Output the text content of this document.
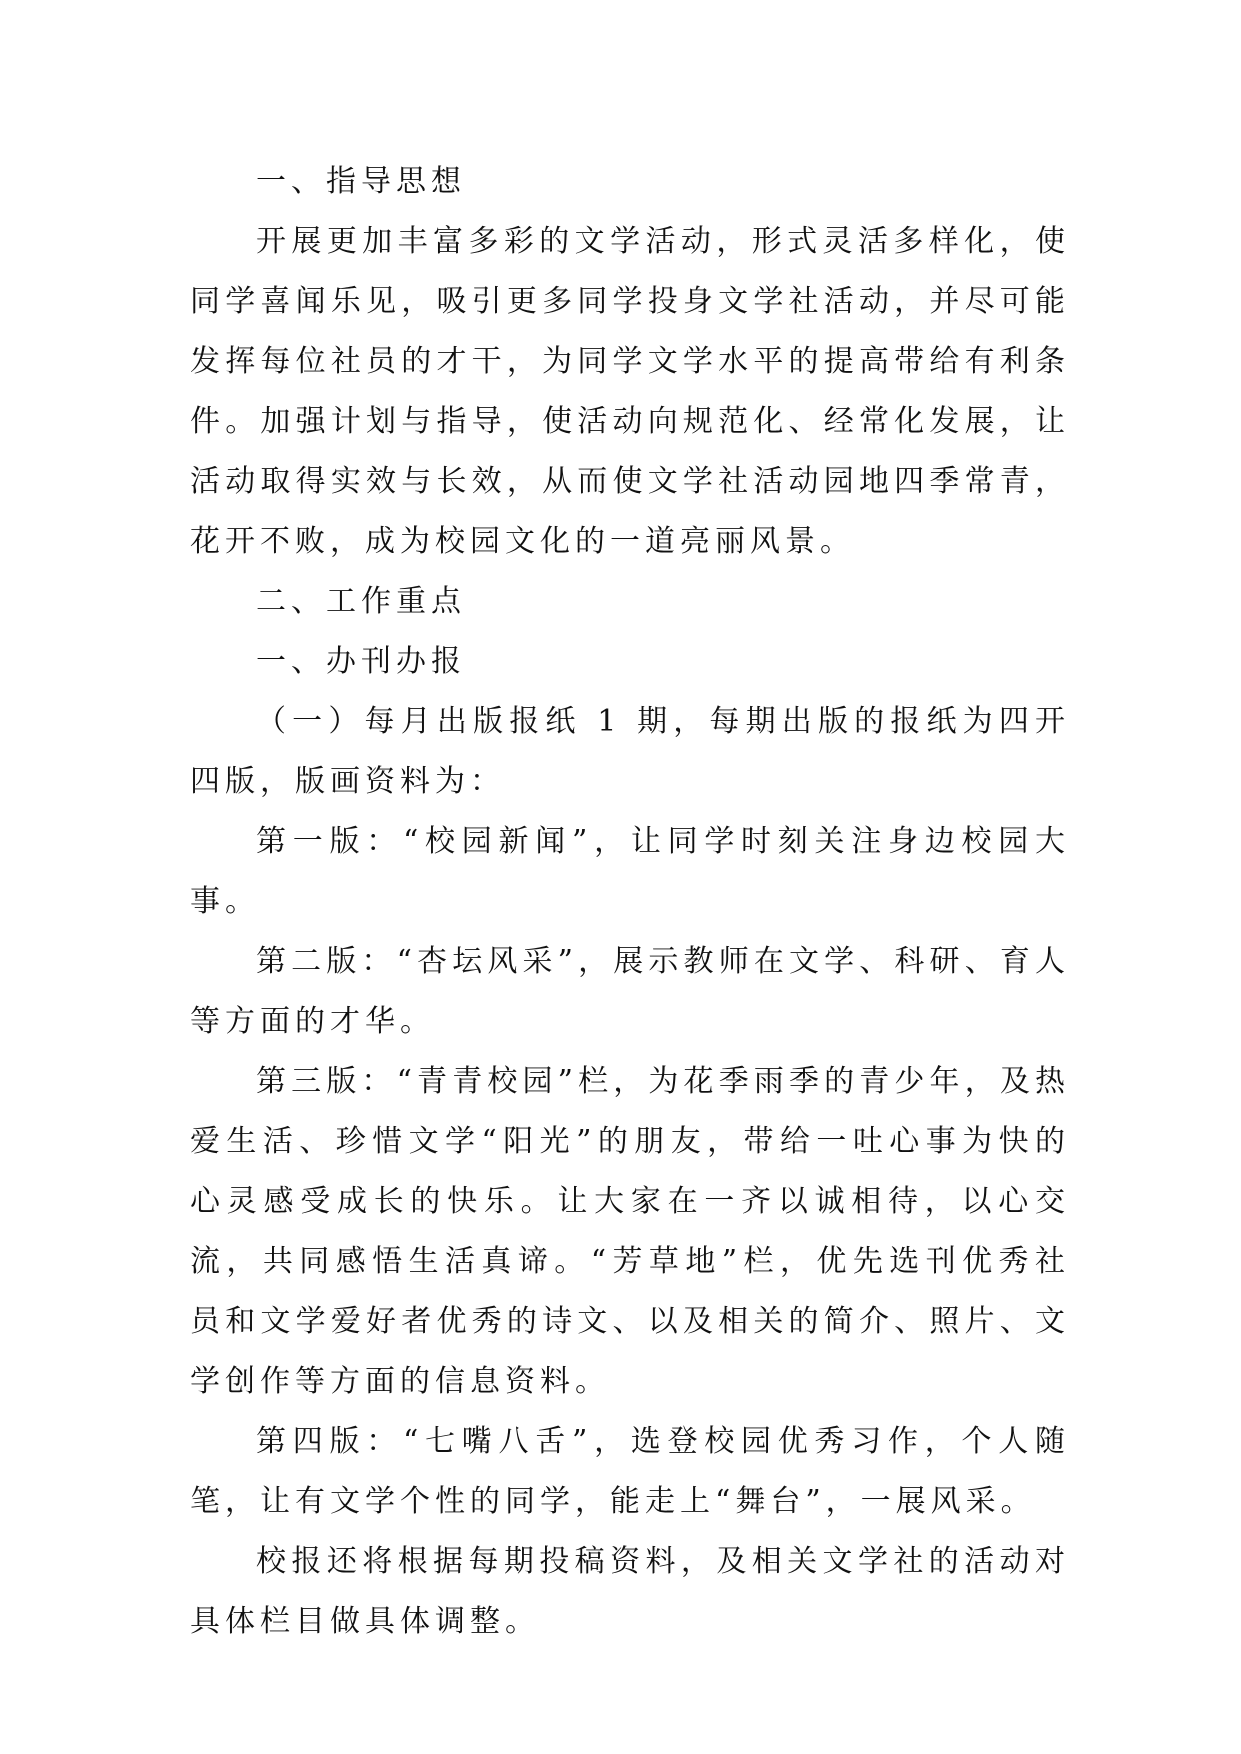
一、指导思想

开展更加丰富多彩的文学活动，形式灵活多样化，使同学喜闻乐见，吸引更多同学投身文学社活动，并尽可能发挥每位社员的才干，为同学文学水平的提高带给有利条件。加强计划与指导，使活动向规范化、经常化发展，让活动取得实效与长效，从而使文学社活动园地四季常青，花开不败，成为校园文化的一道亮丽风景。

二、工作重点

一、办刊办报

（一）每月出版报纸 1 期，每期出版的报纸为四开四版，版画资料为：

第一版：“校园新闻”，让同学时刻关注身边校园大事。

第二版：“杏坛风采”，展示教师在文学、科研、育人等方面的才华。

第三版：“青青校园”栏，为花季雨季的青少年，及热爱生活、珍惜文学“阳光”的朋友，带给一吐心事为快的心灵感受成长的快乐。让大家在一齐以诚相待，以心交流，共同感悟生活真谛。“芳草地”栏，优先选刊优秀社员和文学爱好者优秀的诗文、以及相关的简介、照片、文学创作等方面的信息资料。

第四版：“七嘴八舌”，选登校园优秀习作，个人随笔，让有文学个性的同学，能走上“舞台”，一展风采。

校报还将根据每期投稿资料，及相关文学社的活动对具体栏目做具体调整。
